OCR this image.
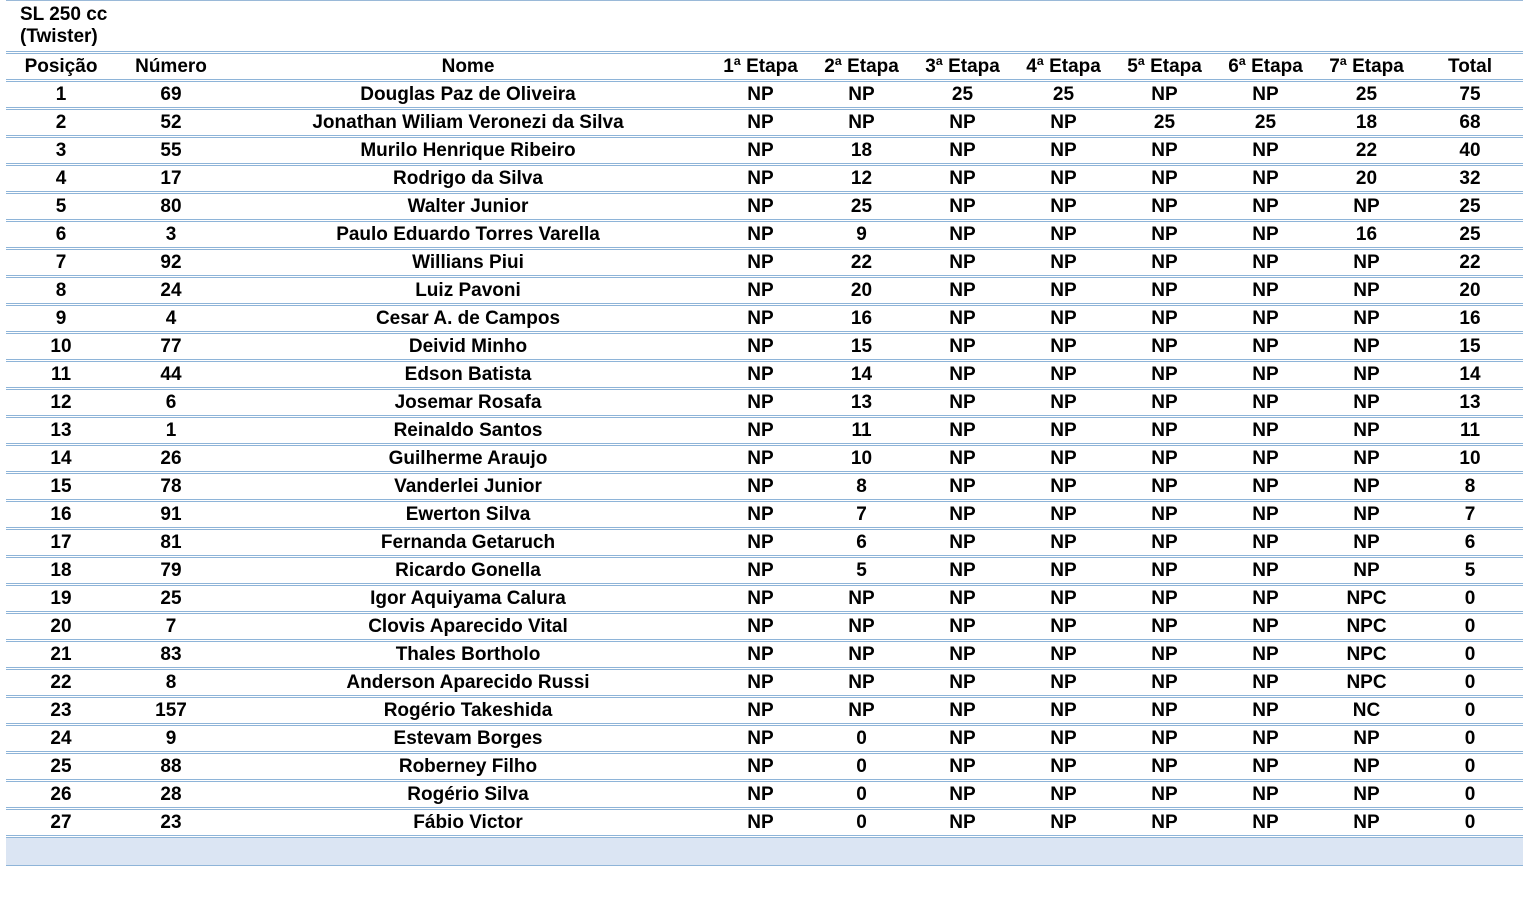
SL 250 cc
(Twister)
Posição	Número	Nome	1ª Etapa	2ª Etapa	3ª Etapa	4ª Etapa	5ª Etapa	6ª Etapa	7ª Etapa	Total
1	69	Douglas Paz de Oliveira	NP	NP	25	25	NP	NP	25	75
2	52	Jonathan Wiliam Veronezi da Silva	NP	NP	NP	NP	25	25	18	68
3	55	Murilo Henrique Ribeiro	NP	18	NP	NP	NP	NP	22	40
4	17	Rodrigo da Silva	NP	12	NP	NP	NP	NP	20	32
5	80	Walter Junior	NP	25	NP	NP	NP	NP	NP	25
6	3	Paulo Eduardo Torres Varella	NP	9	NP	NP	NP	NP	16	25
7	92	Willians Piui	NP	22	NP	NP	NP	NP	NP	22
8	24	Luiz Pavoni	NP	20	NP	NP	NP	NP	NP	20
9	4	Cesar A. de Campos	NP	16	NP	NP	NP	NP	NP	16
10	77	Deivid Minho	NP	15	NP	NP	NP	NP	NP	15
11	44	Edson Batista	NP	14	NP	NP	NP	NP	NP	14
12	6	Josemar Rosafa	NP	13	NP	NP	NP	NP	NP	13
13	1	Reinaldo Santos	NP	11	NP	NP	NP	NP	NP	11
14	26	Guilherme Araujo	NP	10	NP	NP	NP	NP	NP	10
15	78	Vanderlei Junior	NP	8	NP	NP	NP	NP	NP	8
16	91	Ewerton Silva	NP	7	NP	NP	NP	NP	NP	7
17	81	Fernanda Getaruch	NP	6	NP	NP	NP	NP	NP	6
18	79	Ricardo Gonella	NP	5	NP	NP	NP	NP	NP	5
19	25	Igor Aquiyama Calura	NP	NP	NP	NP	NP	NP	NPC	0
20	7	Clovis Aparecido Vital	NP	NP	NP	NP	NP	NP	NPC	0
21	83	Thales Bortholo	NP	NP	NP	NP	NP	NP	NPC	0
22	8	Anderson Aparecido Russi	NP	NP	NP	NP	NP	NP	NPC	0
23	157	Rogério Takeshida	NP	NP	NP	NP	NP	NP	NC	0
24	9	Estevam Borges	NP	0	NP	NP	NP	NP	NP	0
25	88	Roberney Filho	NP	0	NP	NP	NP	NP	NP	0
26	28	Rogério Silva	NP	0	NP	NP	NP	NP	NP	0
27	23	Fábio Victor	NP	0	NP	NP	NP	NP	NP	0
